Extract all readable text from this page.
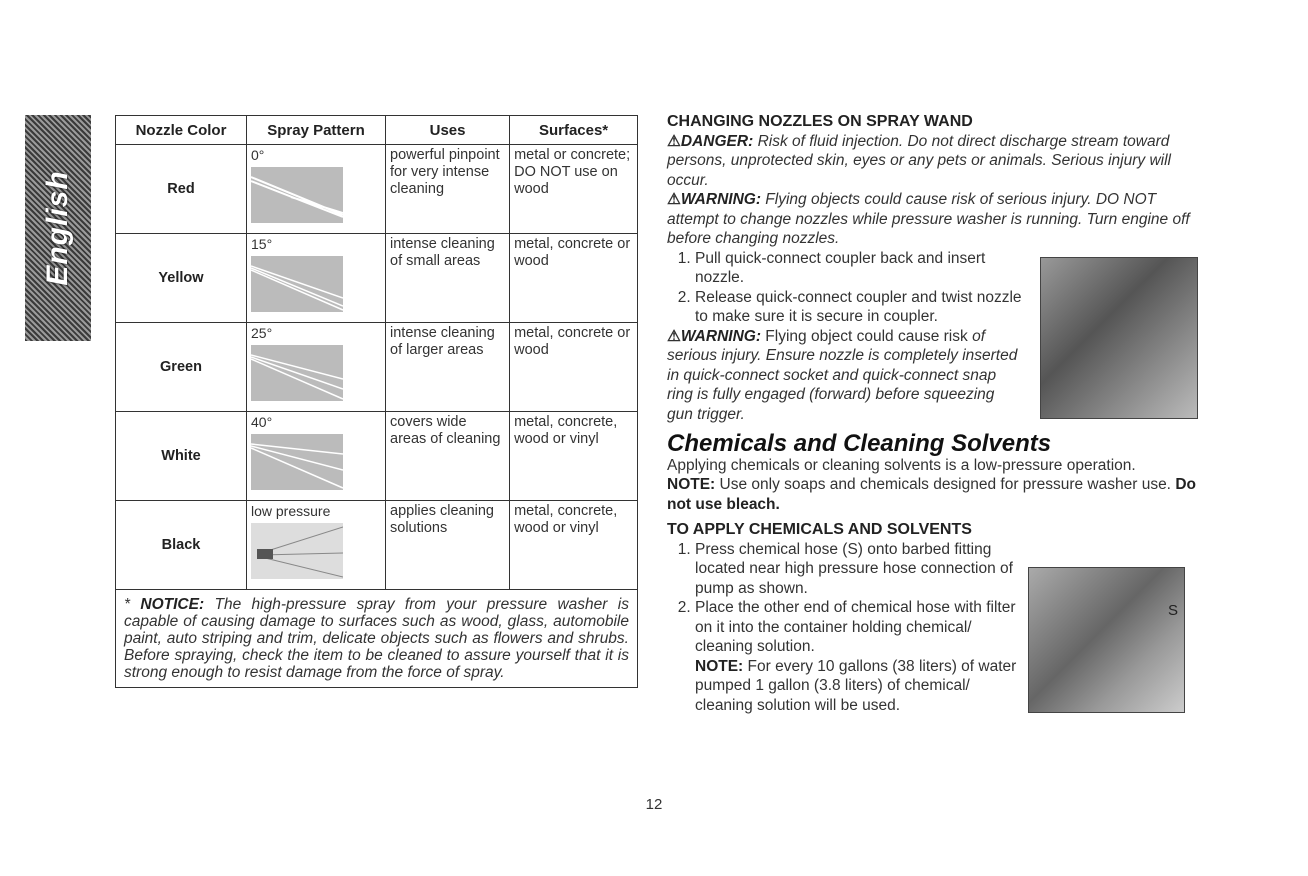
English
Nozzle Color	Spray Pattern	Uses	Surfaces*
Red	0°	powerful pinpoint for very intense cleaning	metal or concrete; DO NOT use on wood
Yellow	15°	intense cleaning of small areas	metal, concrete or wood
Green	25°	intense cleaning of larger areas	metal, concrete or wood
White	40°	covers wide areas of cleaning	metal, concrete, wood or vinyl
Black	low pressure	applies cleaning solutions	metal, concrete, wood or vinyl
* NOTICE: The high-pressure spray from your pressure washer is capable of causing damage to surfaces such as wood, glass, automobile paint, auto striping and trim, delicate objects such as flowers and shrubs. Before spraying, check the item to be cleaned to assure yourself that it is strong enough to resist damage from the force of spray.			

CHANGING NOZZLES ON SPRAY WAND

⚠DANGER: Risk of fluid injection. Do not direct discharge stream toward persons, unprotected skin, eyes or any pets or animals. Serious injury will occur.

⚠WARNING: Flying objects could cause risk of serious injury. DO NOT attempt to change nozzles while pressure washer is running. Turn engine off before changing nozzles.

1. Pull quick-connect coupler back and insert nozzle.
2. Release quick-connect coupler and twist nozzle to make sure it is secure in coupler.

⚠WARNING: Flying object could cause risk of serious injury. Ensure nozzle is completely inserted in quick-connect socket and quick-connect snap ring is fully engaged (forward) before squeezing gun trigger.

Chemicals and Cleaning Solvents

Applying chemicals or cleaning solvents is a low-pressure operation.

NOTE: Use only soaps and chemicals designed for pressure washer use. Do not use bleach.

TO APPLY CHEMICALS AND SOLVENTS

1. Press chemical hose (S) onto barbed fitting located near high pressure hose connection of pump as shown.
2. Place the other end of chemical hose with filter on it into the container holding chemical/ cleaning solution.

NOTE: For every 10 gallons (38 liters) of water pumped 1 gallon (3.8 liters) of chemical/ cleaning solution will be used.

S
12
